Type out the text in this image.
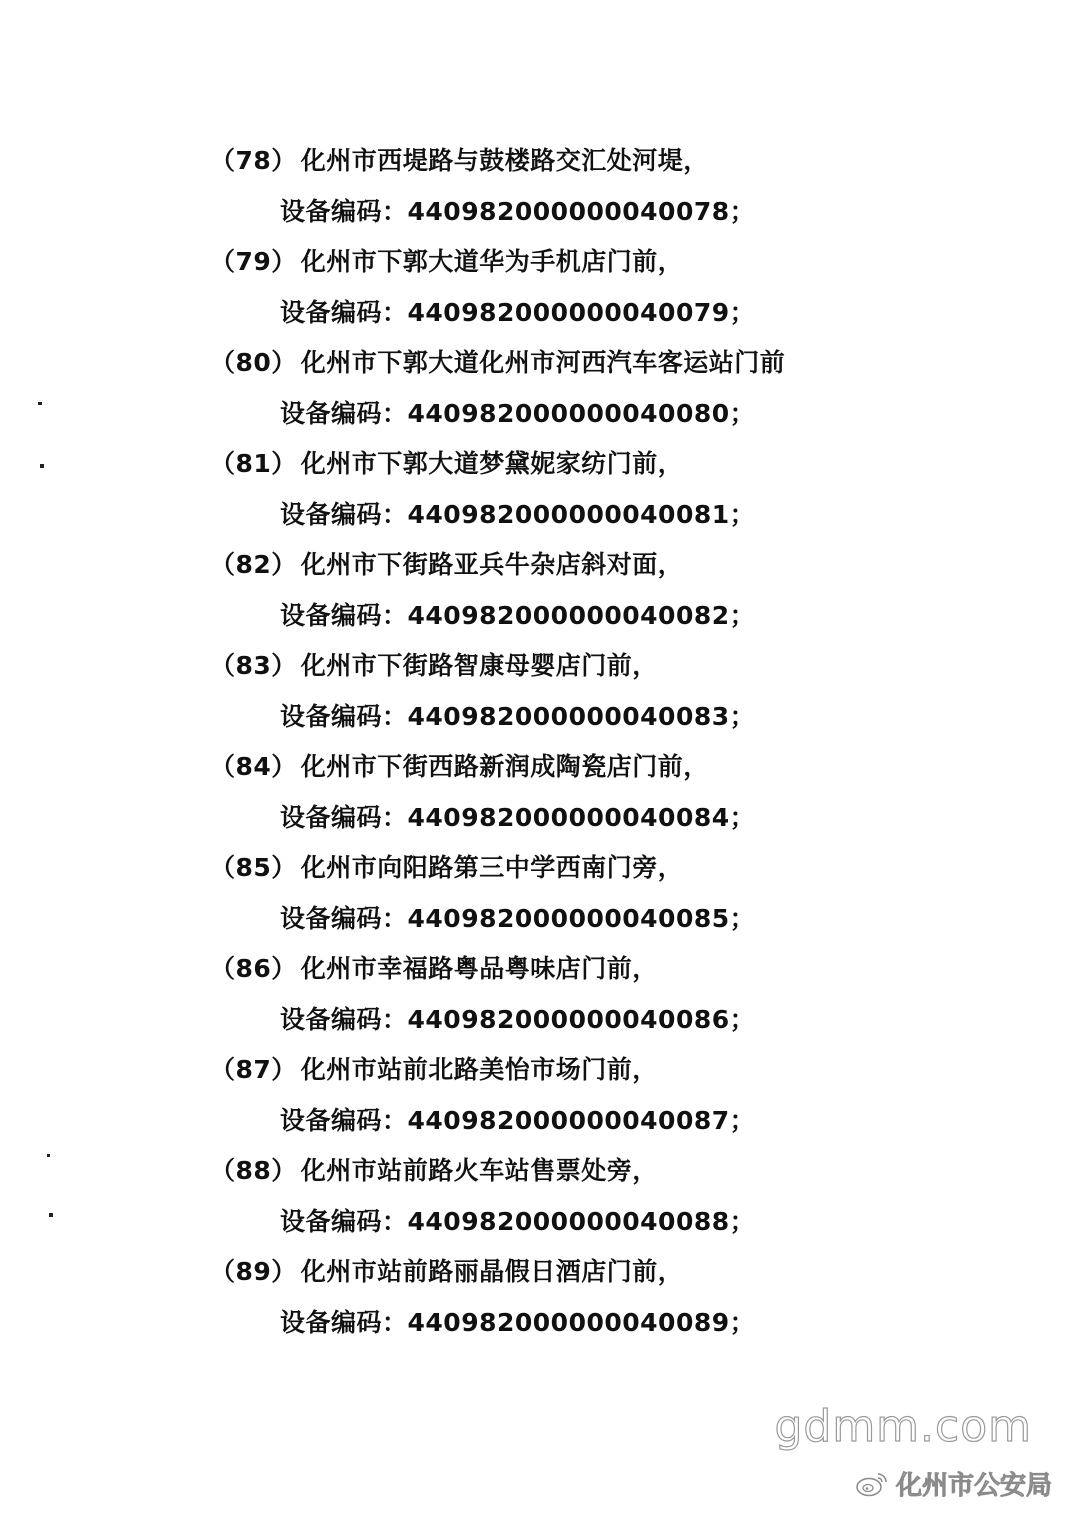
（78） 化州市西堤路与鼓楼路交汇处河堤，
设备编码：440982000000040078；
（79） 化州市下郭大道华为手机店门前，
设备编码：440982000000040079；
（80） 化州市下郭大道化州市河西汽车客运站门前
设备编码：440982000000040080；
（81） 化州市下郭大道梦黛妮家纺门前，
设备编码：440982000000040081；
（82） 化州市下街路亚兵牛杂店斜对面，
设备编码：440982000000040082；
（83） 化州市下街路智康母婴店门前，
设备编码：440982000000040083；
（84） 化州市下街西路新润成陶瓷店门前，
设备编码：440982000000040084；
（85） 化州市向阳路第三中学西南门旁，
设备编码：440982000000040085；
（86） 化州市幸福路粤品粤味店门前，
设备编码：440982000000040086；
（87） 化州市站前北路美怡市场门前，
设备编码：440982000000040087；
（88） 化州市站前路火车站售票处旁，
设备编码：440982000000040088；
（89） 化州市站前路丽晶假日酒店门前，
设备编码：440982000000040089；
gdmm.com
化州市公安局
